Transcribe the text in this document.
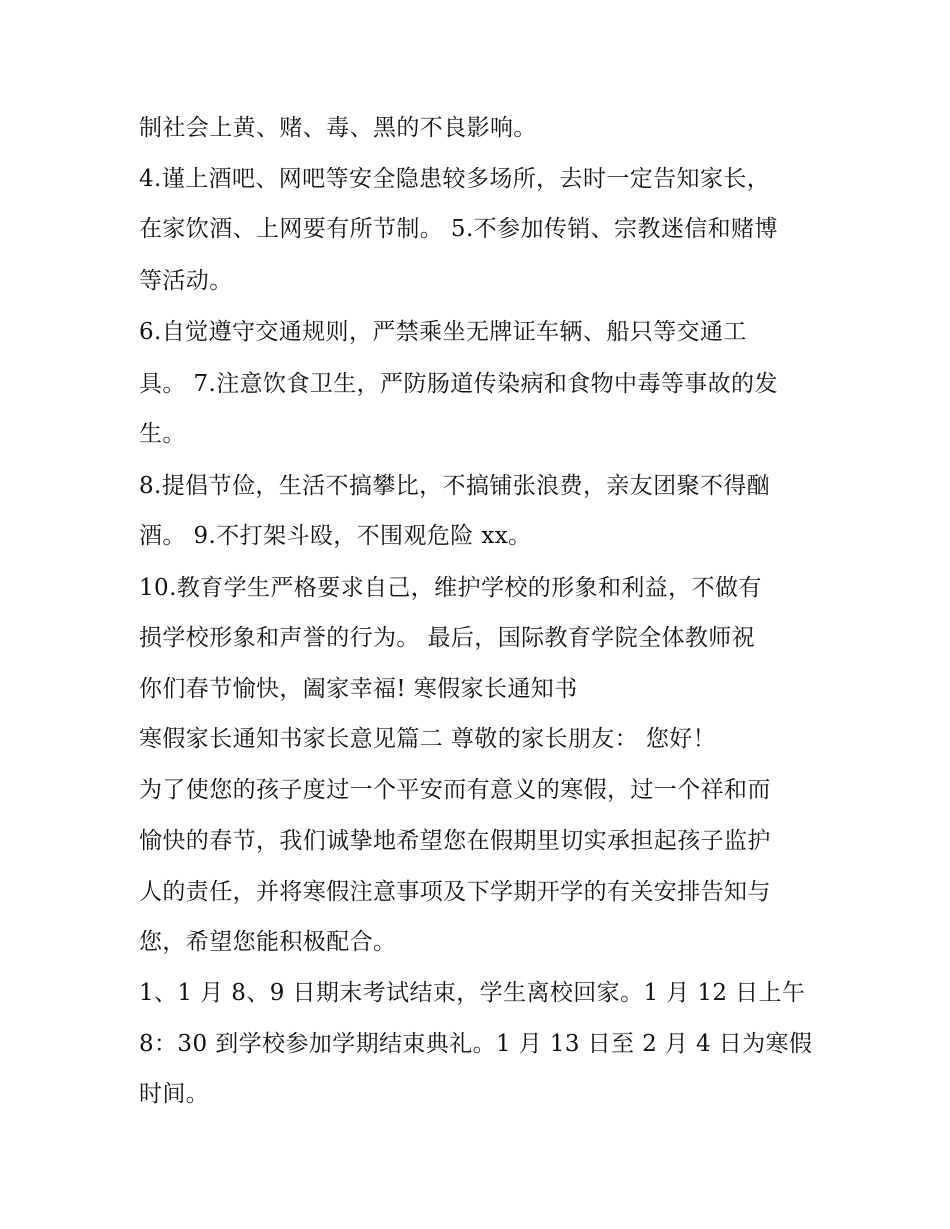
制社会上黄、赌、毒、黑的不良影响。
4.谨上酒吧、网吧等安全隐患较多场所，去时一定告知家长，
在家饮酒、上网要有所节制。 5.不参加传销、宗教迷信和赌博
等活动。
6.自觉遵守交通规则，严禁乘坐无牌证车辆、船只等交通工
具。 7.注意饮食卫生，严防肠道传染病和食物中毒等事故的发
生。
8.提倡节俭，生活不搞攀比，不搞铺张浪费，亲友团聚不得酗
酒。 9.不打架斗殴，不围观危险 xx。
10.教育学生严格要求自己，维护学校的形象和利益，不做有
损学校形象和声誉的行为。 最后，国际教育学院全体教师祝
你们春节愉快，阖家幸福! 寒假家长通知书
寒假家长通知书家长意见篇二 尊敬的家长朋友： 您好！
为了使您的孩子度过一个平安而有意义的寒假，过一个祥和而
愉快的春节，我们诚挚地希望您在假期里切实承担起孩子监护
人的责任，并将寒假注意事项及下学期开学的有关安排告知与
您，希望您能积极配合。
1、1 月 8、9 日期末考试结束，学生离校回家。1 月 12 日上午
8：30 到学校参加学期结束典礼。1 月 13 日至 2 月 4 日为寒假
时间。
